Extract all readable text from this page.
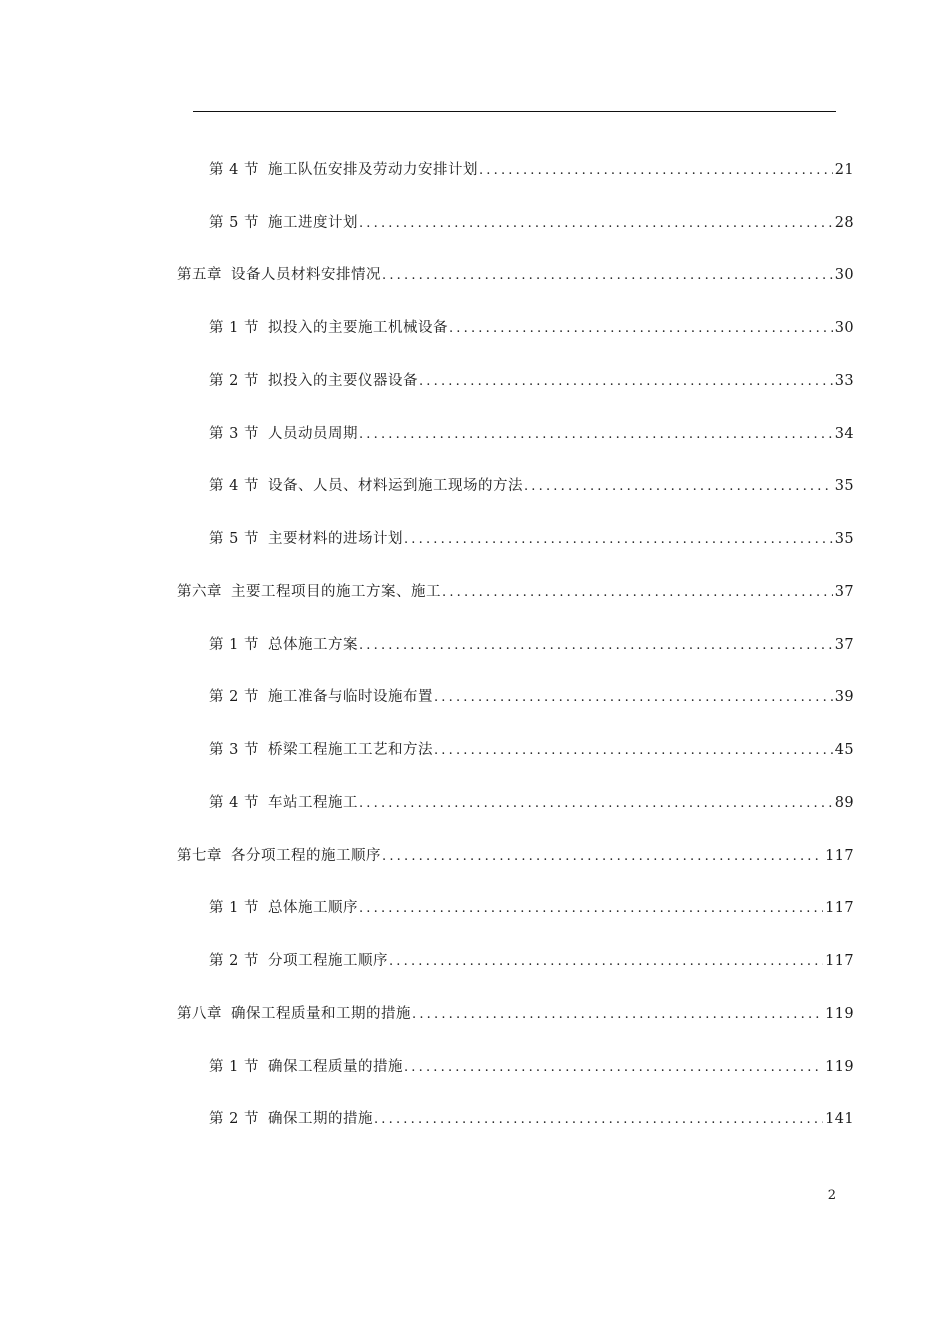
第 4 节 施工队伍安排及劳动力安排计划 .....	21
第 5 节 施工进度计划 .....	28
第五章 设备人员材料安排情况 .....	30
第 1 节 拟投入的主要施工机械设备 .....	30
第 2 节 拟投入的主要仪器设备 .....	33
第 3 节 人员动员周期 .....	34
第 4 节 设备、人员、材料运到施工现场的方法 .....	35
第 5 节 主要材料的进场计划 .....	35
第六章 主要工程项目的施工方案、施工 .....	37
第 1 节 总体施工方案 .....	37
第 2 节 施工准备与临时设施布置 .....	39
第 3 节 桥梁工程施工工艺和方法 .....	45
第 4 节 车站工程施工 .....	89
第七章 各分项工程的施工顺序 .....	117
第 1 节 总体施工顺序 .....	117
第 2 节 分项工程施工顺序 .....	117
第八章 确保工程质量和工期的措施 .....	119
第 1 节 确保工程质量的措施 .....	119
第 2 节 确保工期的措施 .....	141
2
